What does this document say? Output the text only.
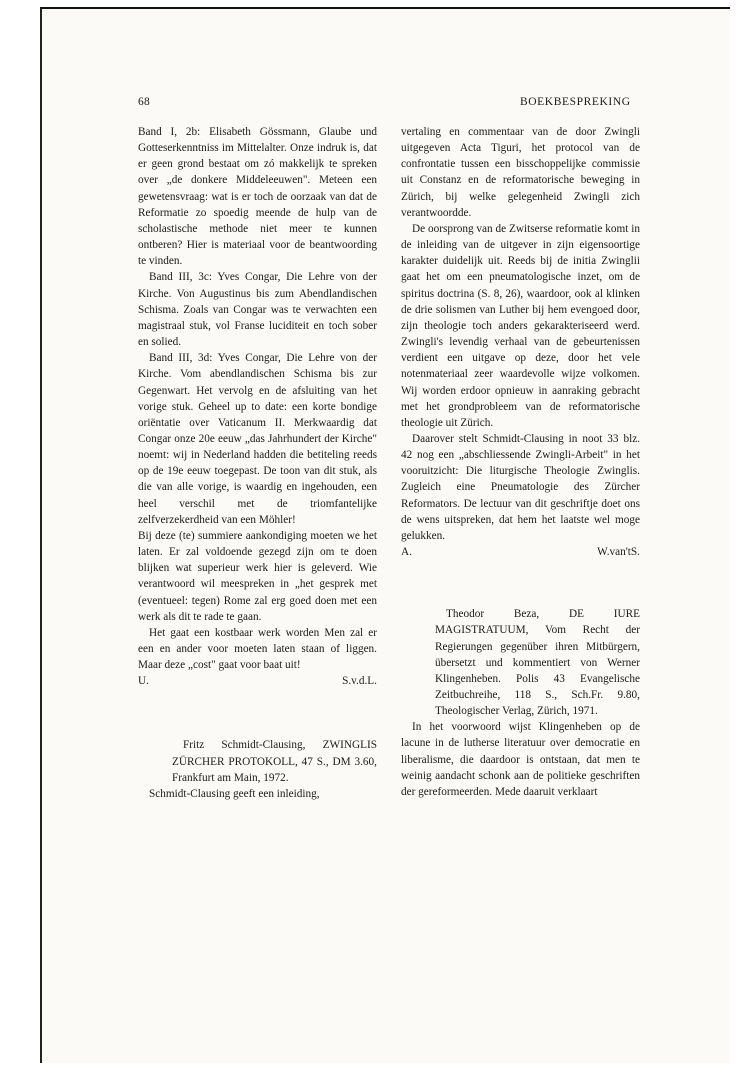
68	BOEKBESPREKING

Band I, 2b: Elisabeth Gössmann, Glaube und Gotteserkenntniss im Mittelalter. Onze indruk is, dat er geen grond bestaat om zó makkelijk te spreken over „de donkere Middeleeuwen". Meteen een gewetensvraag: wat is er toch de oorzaak van dat de Reformatie zo spoedig meende de hulp van de scholastische methode niet meer te kunnen ontberen? Hier is materiaal voor de beantwoording te vinden.

Band III, 3c: Yves Congar, Die Lehre von der Kirche. Von Augustinus bis zum Abendlandischen Schisma. Zoals van Congar was te verwachten een magistraal stuk, vol Franse luciditeit en toch sober en solied.

Band III, 3d: Yves Congar, Die Lehre von der Kirche. Vom abendlandischen Schisma bis zur Gegenwart. Het vervolg en de afsluiting van het vorige stuk. Geheel up to date: een korte bondige oriëntatie over Vaticanum II. Merkwaardig dat Congar onze 20e eeuw „das Jahrhundert der Kirche" noemt: wij in Nederland hadden die betiteling reeds op de 19e eeuw toegepast. De toon van dit stuk, als die van alle vorige, is waardig en ingehouden, een heel verschil met de triomfantelijke zelfverzekerdheid van een Möhler!

Bij deze (te) summiere aankondiging moeten we het laten. Er zal voldoende gezegd zijn om te doen blijken wat superieur werk hier is geleverd. Wie verantwoord wil meespreken in „het gesprek met (eventueel: tegen) Rome zal erg goed doen met een werk als dit te rade te gaan.

Het gaat een kostbaar werk worden Men zal er een en ander voor moeten laten staan of liggen. Maar deze „cost" gaat voor baat uit!

U.	S.v.d.L.

Fritz Schmidt-Clausing, ZWINGLIS ZÜRCHER PROTOKOLL, 47 S., DM 3.60, Frankfurt am Main, 1972.

Schmidt-Clausing geeft een inleiding,

vertaling en commentaar van de door Zwingli uitgegeven Acta Tiguri, het protocol van de confrontatie tussen een bisschoppelijke commissie uit Constanz en de reformatorische beweging in Zürich, bij welke gelegenheid Zwingli zich verantwoordde.

De oorsprong van de Zwitserse reformatie komt in de inleiding van de uitgever in zijn eigensoortige karakter duidelijk uit. Reeds bij de initia Zwinglii gaat het om een pneumatologische inzet, om de spiritus doctrina (S. 8, 26), waardoor, ook al klinken de drie solismen van Luther bij hem evengoed door, zijn theologie toch anders gekarakteriseerd werd. Zwingli's levendig verhaal van de gebeurtenissen verdient een uitgave op deze, door het vele notenmateriaal zeer waardevolle wijze volkomen. Wij worden erdoor opnieuw in aanraking gebracht met het grondprobleem van de reformatorische theologie uit Zürich.

Daarover stelt Schmidt-Clausing in noot 33 blz. 42 nog een „abschliessende Zwingli-Arbeit" in het vooruitzicht: Die liturgische Theologie Zwinglis. Zugleich eine Pneumatologie des Zürcher Reformators. De lectuur van dit geschriftje doet ons de wens uitspreken, dat hem het laatste wel moge gelukken.

A.	W.van'tS.

Theodor Beza, DE IURE MAGISTRATUUM, Vom Recht der Regierungen gegenüber ihren Mitbürgern, übersetzt und kommentiert von Werner Klingenheben. Polis 43 Evangelische Zeitbuchreihe, 118 S., Sch.Fr. 9.80, Theologischer Verlag, Zürich, 1971.

In het voorwoord wijst Klingenheben op de lacune in de lutherse literatuur over democratie en liberalisme, die daardoor is ontstaan, dat men te weinig aandacht schonk aan de politieke geschriften der gereformeerden. Mede daaruit verklaart
